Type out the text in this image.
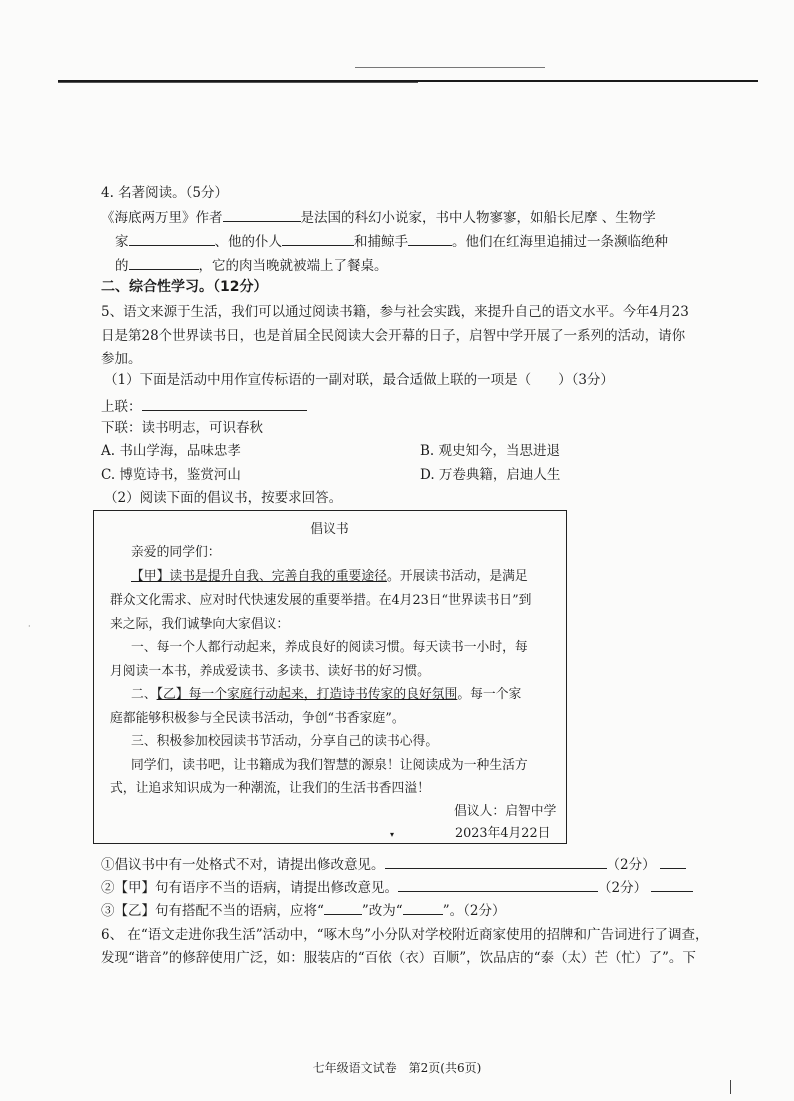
4. 名著阅读。（5分）
《海底两万里》作者	是法国的科幻小说家，书中人物寥寥，如船长尼摩 、生物学
家	、他的仆人	和捕鲸手	。他们在红海里追捕过一条濒临绝种
的	，它的肉当晚就被端上了餐桌。
二、综合性学习。（12分）
5、语文来源于生活，我们可以通过阅读书籍，参与社会实践，来提升自己的语文水平。今年4月23
日是第28个世界读书日，也是首届全民阅读大会开幕的日子，启智中学开展了一系列的活动，请你
参加。
（1）下面是活动中用作宣传标语的一副对联，最合适做上联的一项是（　　）（3分）
上联：
下联：读书明志，可识春秋
A. 书山学海，品味忠孝	B. 观史知今，当思进退
C. 博览诗书，鉴赏河山	D. 万卷典籍，启迪人生
（2）阅读下面的倡议书，按要求回答。
倡议书
亲爱的同学们：
【甲】读书是提升自我、完善自我的重要途径。开展读书活动，是满足
群众文化需求、应对时代快速发展的重要举措。在4月23日“世界读书日”到
来之际，我们诚挚向大家倡议：
一、每一个人都行动起来，养成良好的阅读习惯。每天读书一小时，每
月阅读一本书，养成爱读书、多读书、读好书的好习惯。
二、【乙】每一个家庭行动起来，打造诗书传家的良好氛围。每一个家
庭都能够积极参与全民读书活动，争创“书香家庭”。
三、积极参加校园读书节活动，分享自己的读书心得。
同学们，读书吧，让书籍成为我们智慧的源泉！让阅读成为一种生活方
式，让追求知识成为一种潮流，让我们的生活书香四溢！
倡议人：启智中学
2023年4月22日
▾
①倡议书中有一处格式不对，请提出修改意见。	（2分）
②【甲】句有语序不当的语病，请提出修改意见。	（2分）
③【乙】句有搭配不当的语病，应将“	”改为“	”。（2分）
6、 在“语文走进你我生活”活动中，“啄木鸟”小分队对学校附近商家使用的招牌和广告词进行了调查，
发现“谐音”的修辞使用广泛，如：服装店的“百依（衣）百顺”，饮品店的“泰（太）芒（忙）了”。下
七年级语文试卷　第2页(共6页)
·
